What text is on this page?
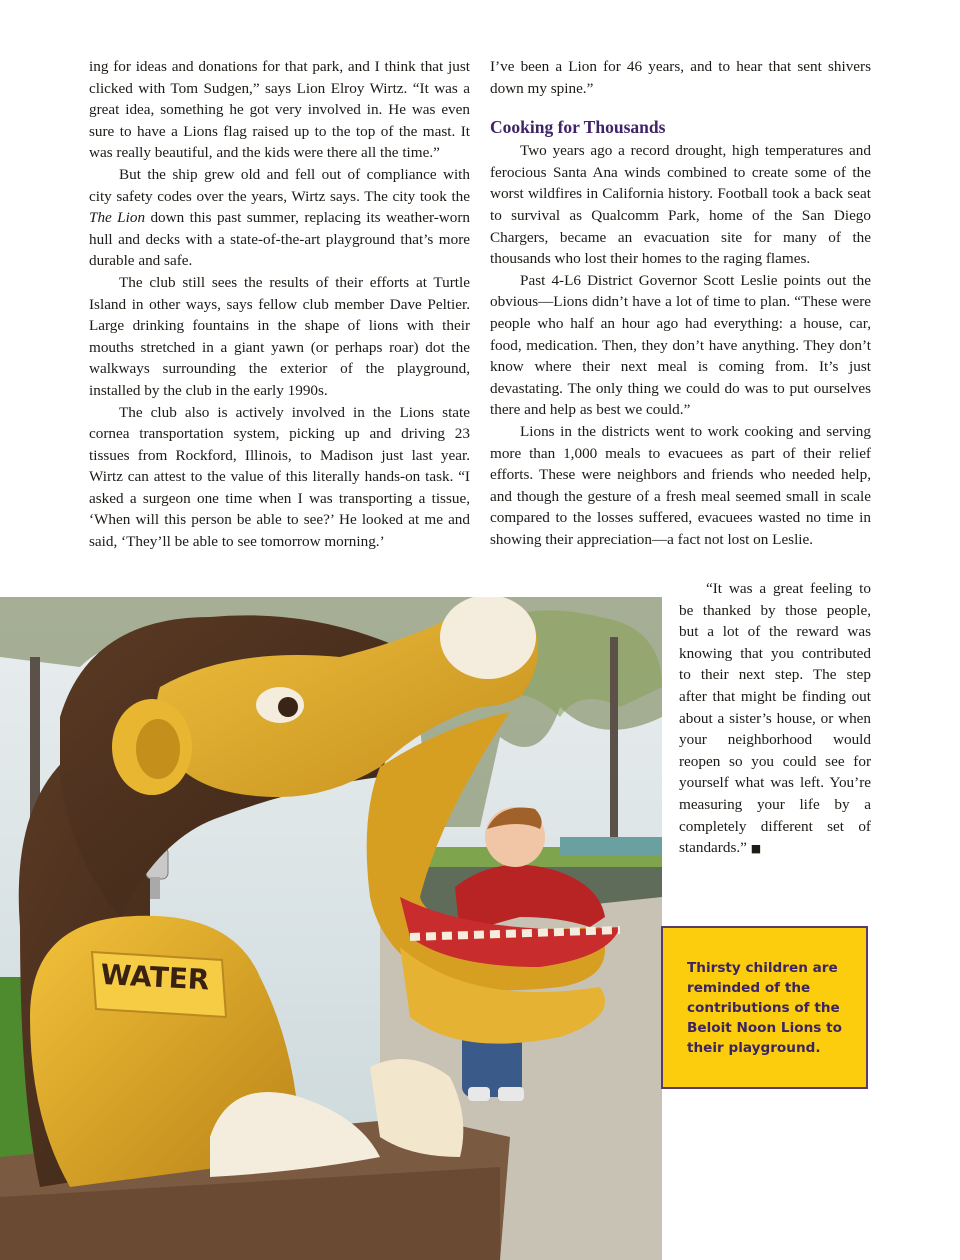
ing for ideas and donations for that park, and I think that just clicked with Tom Sudgen,” says Lion Elroy Wirtz. “It was a great idea, something he got very involved in. He was even sure to have a Lions flag raised up to the top of the mast. It was really beautiful, and the kids were there all the time.”

But the ship grew old and fell out of compliance with city safety codes over the years, Wirtz says. The city took the The Lion down this past summer, replacing its weather-worn hull and decks with a state-of-the-art playground that’s more durable and safe.

The club still sees the results of their efforts at Turtle Island in other ways, says fellow club member Dave Peltier. Large drinking fountains in the shape of lions with their mouths stretched in a giant yawn (or perhaps roar) dot the walkways surrounding the exterior of the playground, installed by the club in the early 1990s.

The club also is actively involved in the Lions state cornea transportation system, picking up and driving 23 tissues from Rockford, Illinois, to Madison just last year. Wirtz can attest to the value of this literally hands-on task. “I asked a surgeon one time when I was transporting a tissue, ‘When will this person be able to see?’ He looked at me and said, ‘They’ll be able to see tomorrow morning.’

I’ve been a Lion for 46 years, and to hear that sent shivers down my spine.”

Cooking for Thousands

Two years ago a record drought, high temperatures and ferocious Santa Ana winds combined to create some of the worst wildfires in California history. Football took a back seat to survival as Qualcomm Park, home of the San Diego Chargers, became an evacuation site for many of the thousands who lost their homes to the raging flames.

Past 4-L6 District Governor Scott Leslie points out the obvious—Lions didn’t have a lot of time to plan. “These were people who half an hour ago had everything: a house, car, food, medication. Then, they don’t have anything. They don’t know where their next meal is coming from. It’s just devastating. The only thing we could do was to put ourselves there and help as best we could.”

Lions in the districts went to work cooking and serving more than 1,000 meals to evacuees as part of their relief efforts. These were neighbors and friends who needed help, and though the gesture of a fresh meal seemed small in scale compared to the losses suffered, evacuees wasted no time in showing their appreciation—a fact not lost on Leslie.

“It was a great feeling to be thanked by those people, but a lot of the reward was knowing that you contributed to their next step. The step after that might be finding out about a sister’s house, or when your neighborhood would reopen so you could see for yourself what was left. You’re measuring your life by a completely different set of standards.” ■

WATER	Thirsty children are reminded of the contributions of the Beloit Noon Lions to their playground.
